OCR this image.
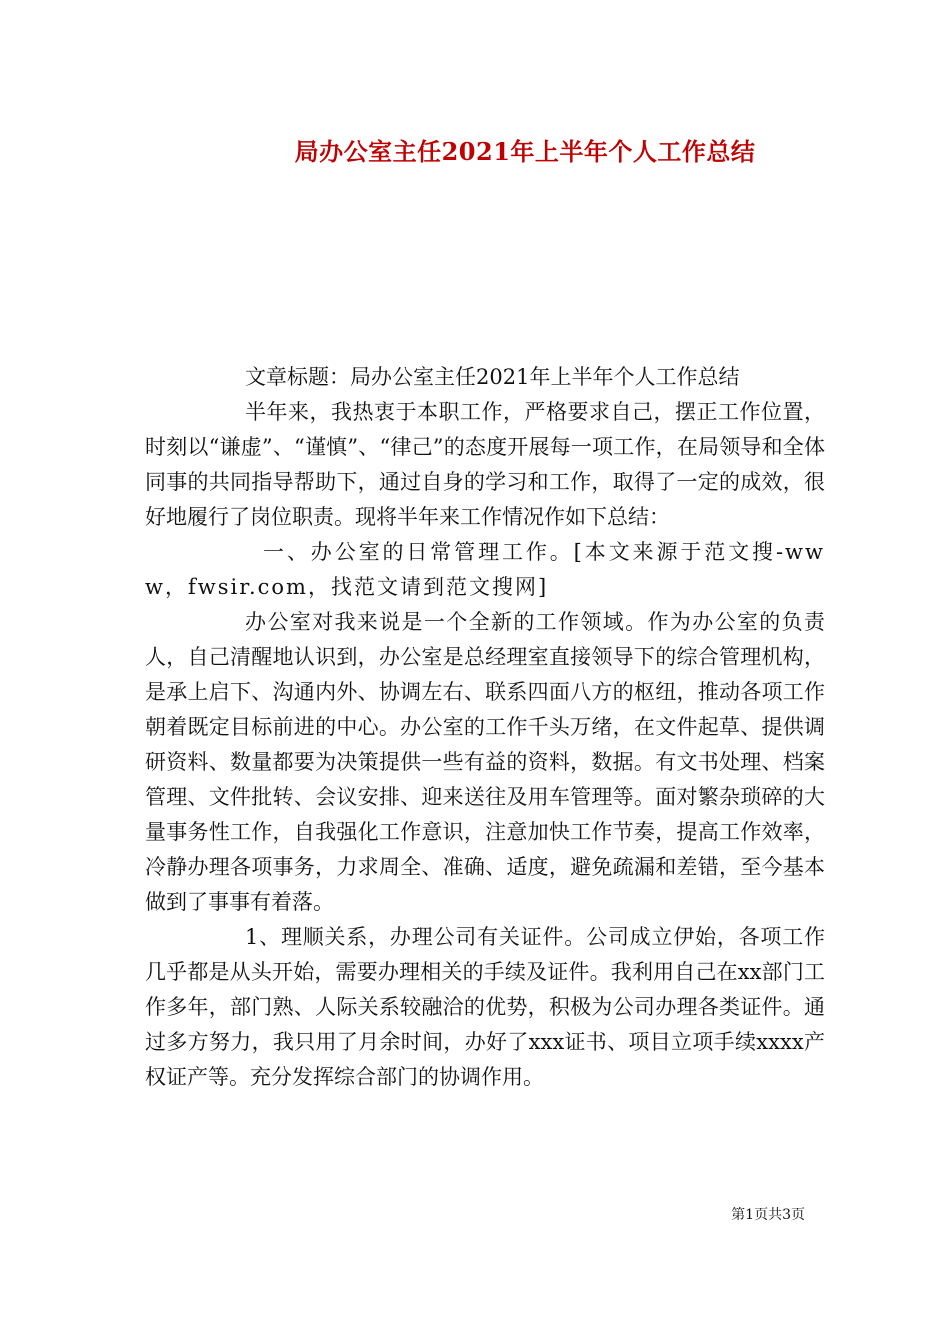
局办公室主任2021年上半年个人工作总结

文章标题：局办公室主任2021年上半年个人工作总结

半年来，我热衷于本职工作，严格要求自己，摆正工作位置，时刻以“谦虚”、“谨慎”、“律己”的态度开展每一项工作，在局领导和全体同事的共同指导帮助下，通过自身的学习和工作，取得了一定的成效，很好地履行了岗位职责。现将半年来工作情况作如下总结：

一、办公室的日常管理工作。[本文来源于范文搜-www，fwsir.com，找范文请到范文搜网]

办公室对我来说是一个全新的工作领域。作为办公室的负责人，自己清醒地认识到，办公室是总经理室直接领导下的综合管理机构，是承上启下、沟通内外、协调左右、联系四面八方的枢纽，推动各项工作朝着既定目标前进的中心。办公室的工作千头万绪，在文件起草、提供调研资料、数量都要为决策提供一些有益的资料，数据。有文书处理、档案管理、文件批转、会议安排、迎来送往及用车管理等。面对繁杂琐碎的大量事务性工作，自我强化工作意识，注意加快工作节奏，提高工作效率，冷静办理各项事务，力求周全、准确、适度，避免疏漏和差错，至今基本做到了事事有着落。

1、理顺关系，办理公司有关证件。公司成立伊始，各项工作几乎都是从头开始，需要办理相关的手续及证件。我利用自己在xx部门工作多年，部门熟、人际关系较融洽的优势，积极为公司办理各类证件。通过多方努力，我只用了月余时间，办好了xxx证书、项目立项手续xxxx产权证产等。充分发挥综合部门的协调作用。

第1页共3页
